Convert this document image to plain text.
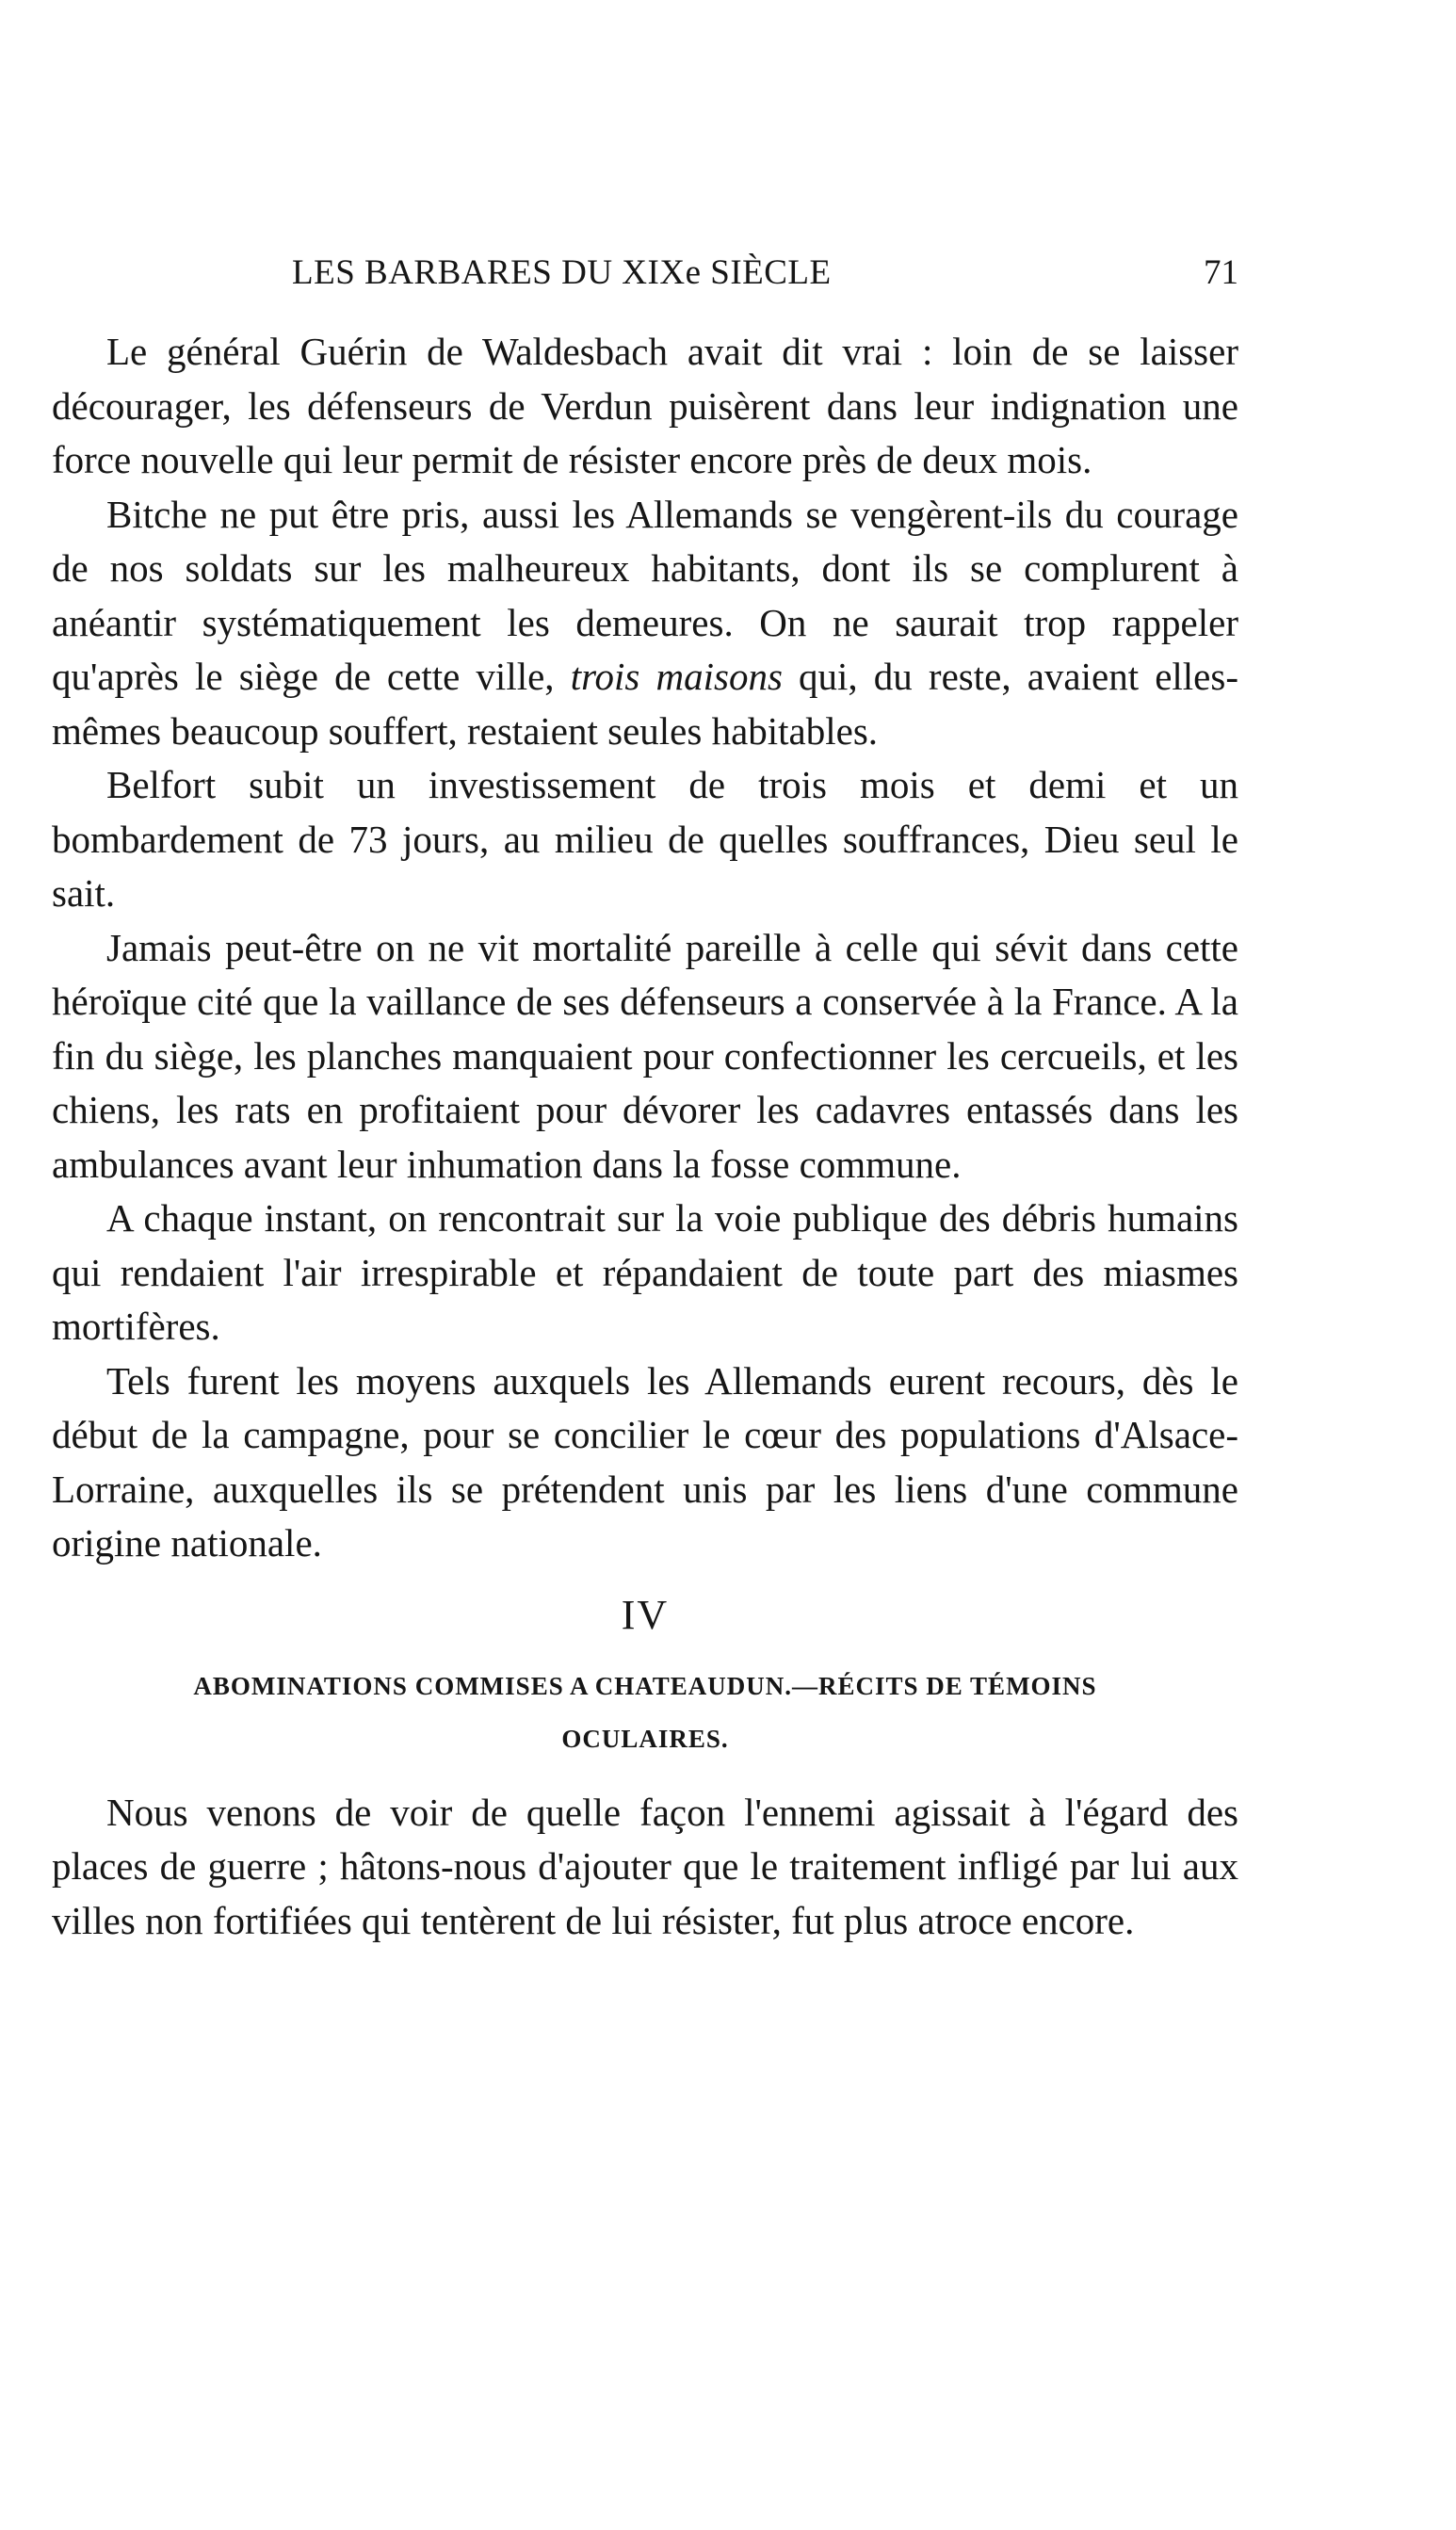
LES BARBARES DU XIXe SIÈCLE	71

Le général Guérin de Waldesbach avait dit vrai : loin de se laisser décourager, les défenseurs de Verdun puisèrent dans leur indignation une force nouvelle qui leur permit de résister encore près de deux mois.

Bitche ne put être pris, aussi les Allemands se vengèrent-ils du courage de nos soldats sur les malheureux habitants, dont ils se complurent à anéantir systématiquement les demeures. On ne saurait trop rappeler qu'après le siège de cette ville, trois maisons qui, du reste, avaient elles-mêmes beaucoup souffert, restaient seules habitables.

Belfort subit un investissement de trois mois et demi et un bombardement de 73 jours, au milieu de quelles souffrances, Dieu seul le sait.

Jamais peut-être on ne vit mortalité pareille à celle qui sévit dans cette héroïque cité que la vaillance de ses défenseurs a conservée à la France. A la fin du siège, les planches manquaient pour confectionner les cercueils, et les chiens, les rats en profitaient pour dévorer les cadavres entassés dans les ambulances avant leur inhumation dans la fosse commune.

A chaque instant, on rencontrait sur la voie publique des débris humains qui rendaient l'air irrespirable et répandaient de toute part des miasmes mortifères.

Tels furent les moyens auxquels les Allemands eurent recours, dès le début de la campagne, pour se concilier le cœur des populations d'Alsace-Lorraine, auxquelles ils se prétendent unis par les liens d'une commune origine nationale.

IV
ABOMINATIONS COMMISES A CHATEAUDUN.—RÉCITS DE TÉMOINS
OCULAIRES.

Nous venons de voir de quelle façon l'ennemi agissait à l'égard des places de guerre ; hâtons-nous d'ajouter que le traitement infligé par lui aux villes non fortifiées qui tentèrent de lui résister, fut plus atroce encore.
